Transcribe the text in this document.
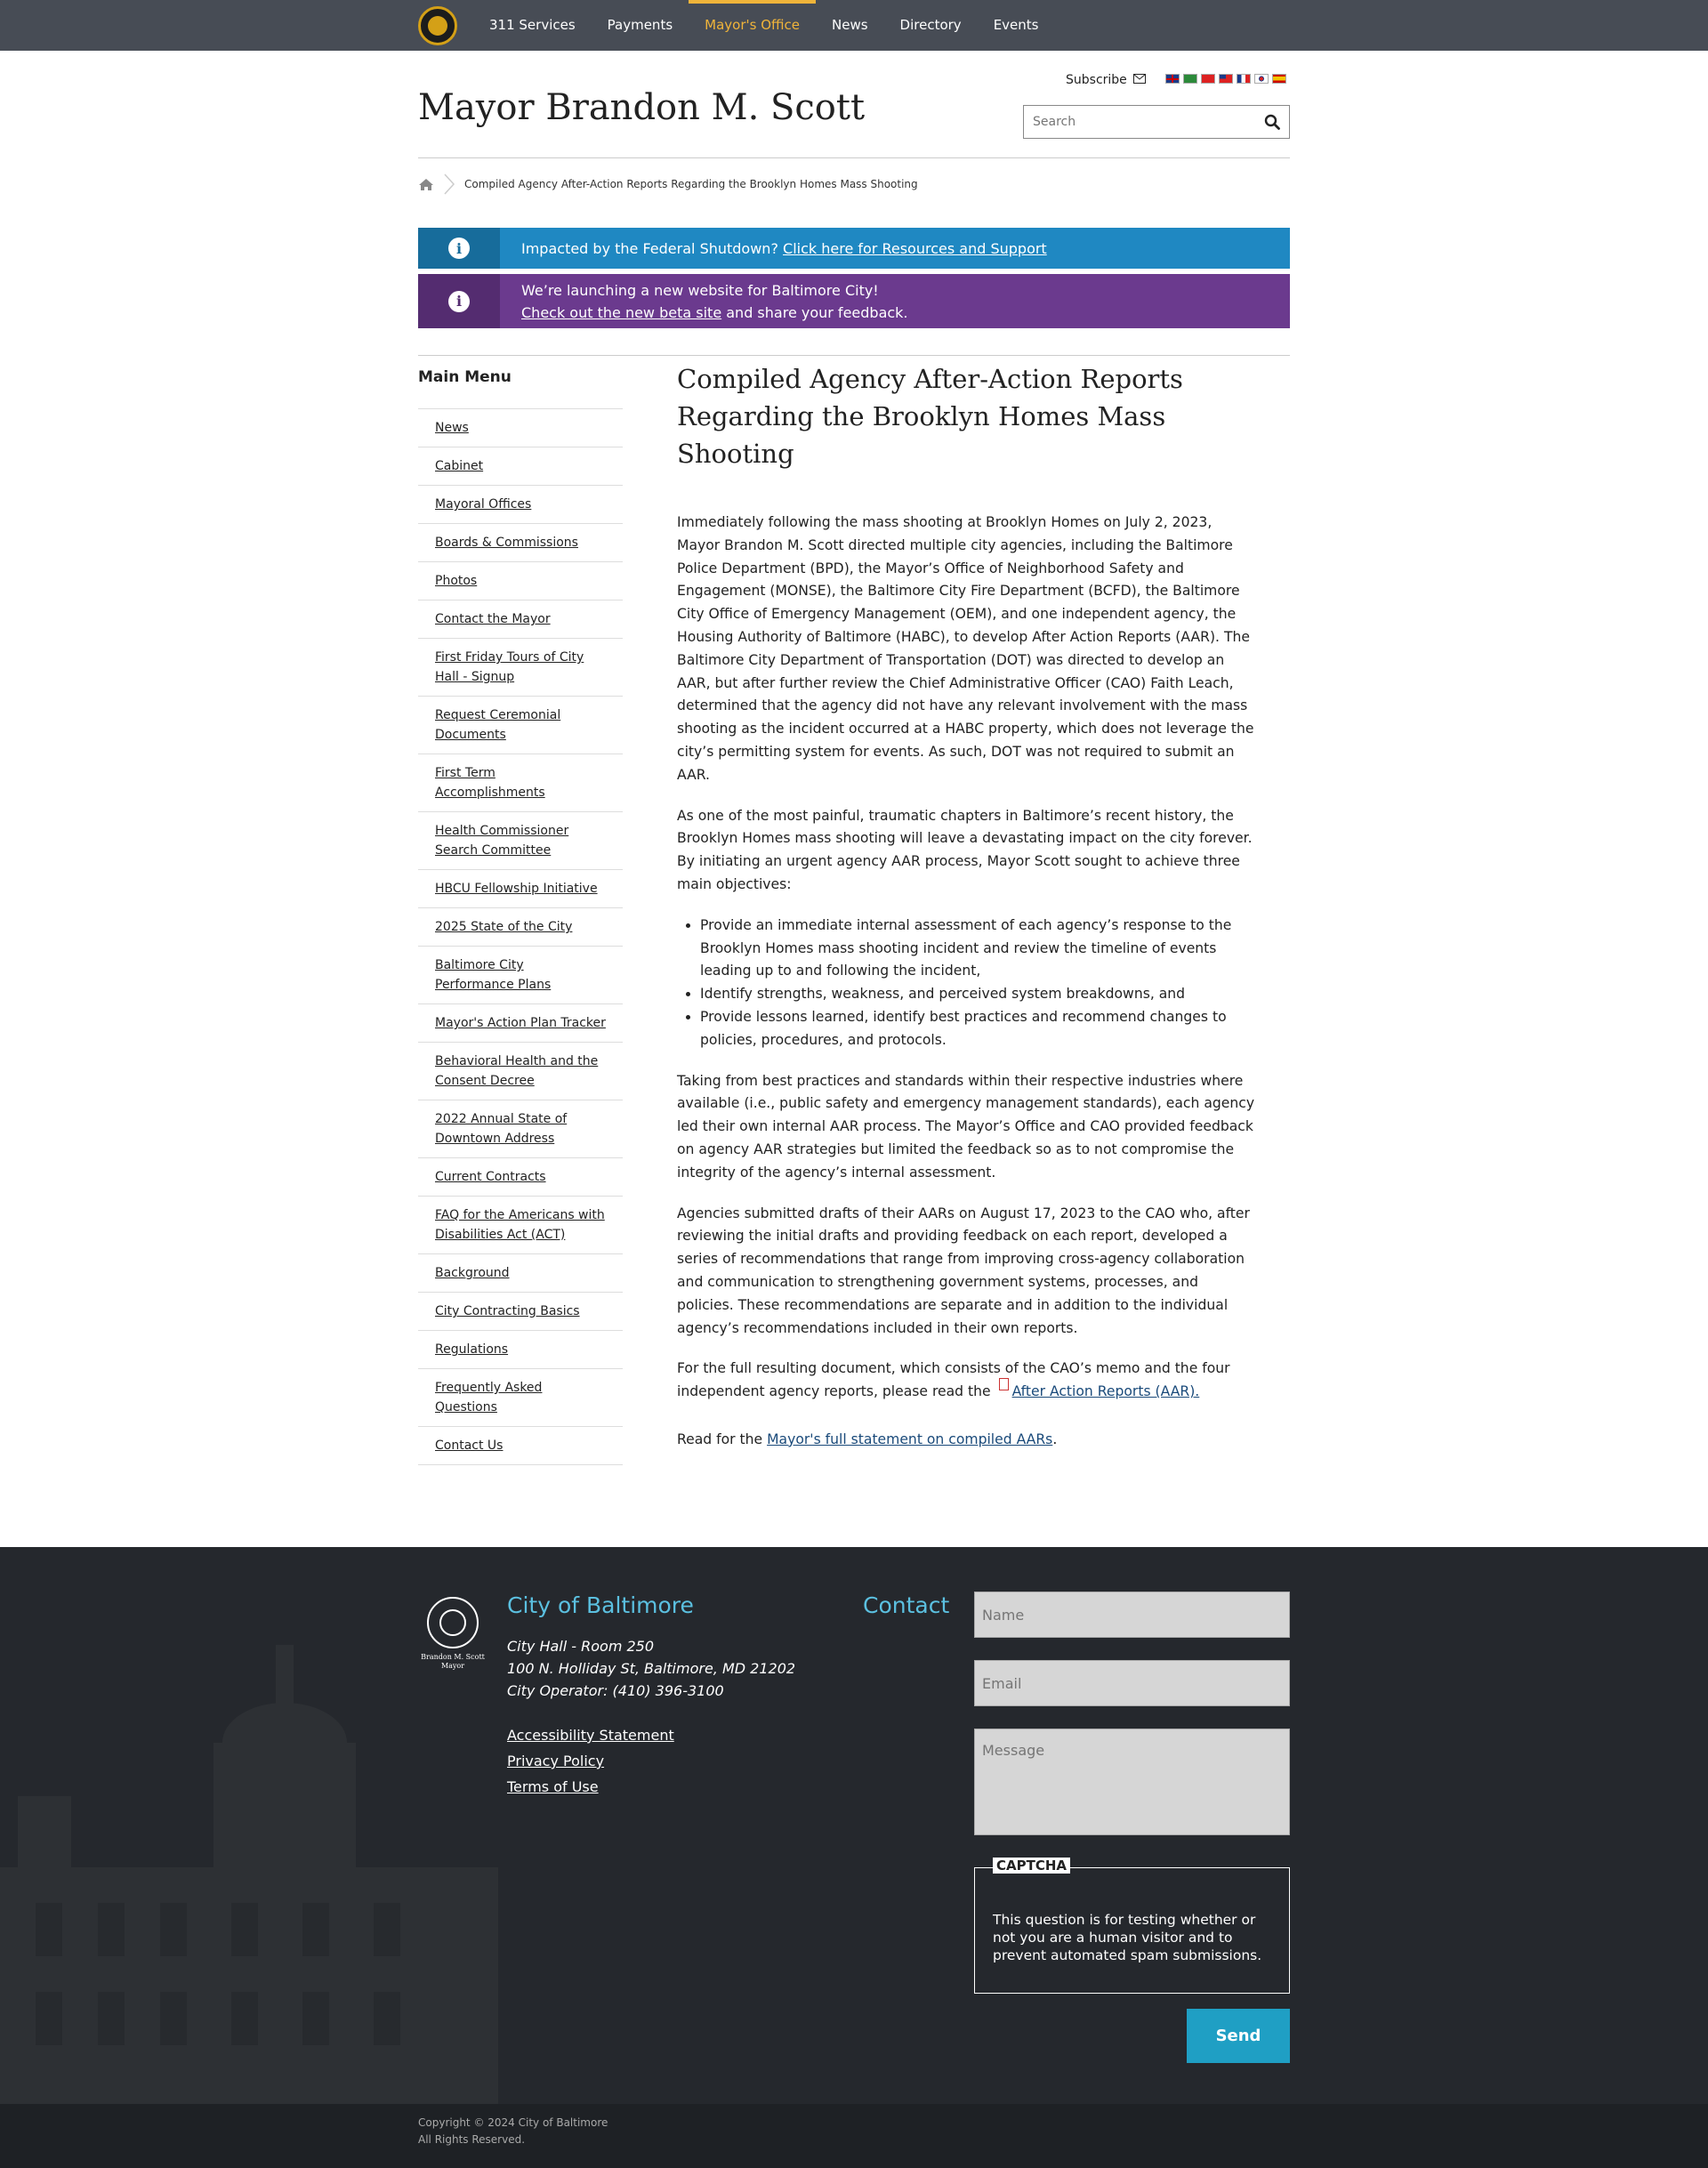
311 Services	Payments	Mayor's Office	News	Directory	Events
Subscribe
Mayor Brandon M. Scott
Search
Compiled Agency After-Action Reports Regarding the Brooklyn Homes Mass Shooting
i	Impacted by the Federal Shutdown? Click here for Resources and Support
i
We’re launching a new website for Baltimore City!
Check out the new beta site and share your feedback.
Main Menu
News
Cabinet
Mayoral Offices
Boards & Commissions
Photos
Contact the Mayor
First Friday Tours of City Hall - Signup
Request Ceremonial Documents
First Term Accomplishments
Health Commissioner Search Committee
HBCU Fellowship Initiative
2025 State of the City
Baltimore City Performance Plans
Mayor's Action Plan Tracker
Behavioral Health and the Consent Decree
2022 Annual State of Downtown Address
Current Contracts
FAQ for the Americans with Disabilities Act (ACT)
Background
City Contracting Basics
Regulations
Frequently Asked Questions
Contact Us
Compiled Agency After-Action Reports Regarding the Brooklyn Homes Mass Shooting

Immediately following the mass shooting at Brooklyn Homes on July 2, 2023, Mayor Brandon M. Scott directed multiple city agencies, including the Baltimore Police Department (BPD), the Mayor’s Office of Neighborhood Safety and Engagement (MONSE), the Baltimore City Fire Department (BCFD), the Baltimore City Office of Emergency Management (OEM), and one independent agency, the Housing Authority of Baltimore (HABC), to develop After Action Reports (AAR). The Baltimore City Department of Transportation (DOT) was directed to develop an AAR, but after further review the Chief Administrative Officer (CAO) Faith Leach, determined that the agency did not have any relevant involvement with the mass shooting as the incident occurred at a HABC property, which does not leverage the city’s permitting system for events. As such, DOT was not required to submit an AAR.

As one of the most painful, traumatic chapters in Baltimore’s recent history, the Brooklyn Homes mass shooting will leave a devastating impact on the city forever. By initiating an urgent agency AAR process, Mayor Scott sought to achieve three main objectives:

• Provide an immediate internal assessment of each agency’s response to the Brooklyn Homes mass shooting incident and review the timeline of events leading up to and following the incident,
• Identify strengths, weakness, and perceived system breakdowns, and
• Provide lessons learned, identify best practices and recommend changes to policies, procedures, and protocols.

Taking from best practices and standards within their respective industries where available (i.e., public safety and emergency management standards), each agency led their own internal AAR process. The Mayor’s Office and CAO provided feedback on agency AAR strategies but limited the feedback so as to not compromise the integrity of the agency’s internal assessment.

Agencies submitted drafts of their AARs on August 17, 2023 to the CAO who, after reviewing the initial drafts and providing feedback on each report, developed a series of recommendations that range from improving cross-agency collaboration and communication to strengthening government systems, processes, and policies. These recommendations are separate and in addition to the individual agency’s recommendations included in their own reports.

For the full resulting document, which consists of the CAO’s memo and the four independent agency reports, please read the After Action Reports (AAR).

Read for the Mayor's full statement on compiled AARs.

Brandon M. Scott Mayor
City of Baltimore
City Hall - Room 250
100 N. Holliday St, Baltimore, MD 21202
City Operator: (410) 396-3100
Accessibility Statement
Privacy Policy
Terms of Use
Contact
Name
Email
Message
CAPTCHA
This question is for testing whether or not you are a human visitor and to prevent automated spam submissions.
Send
Copyright © 2024 City of Baltimore
All Rights Reserved.
